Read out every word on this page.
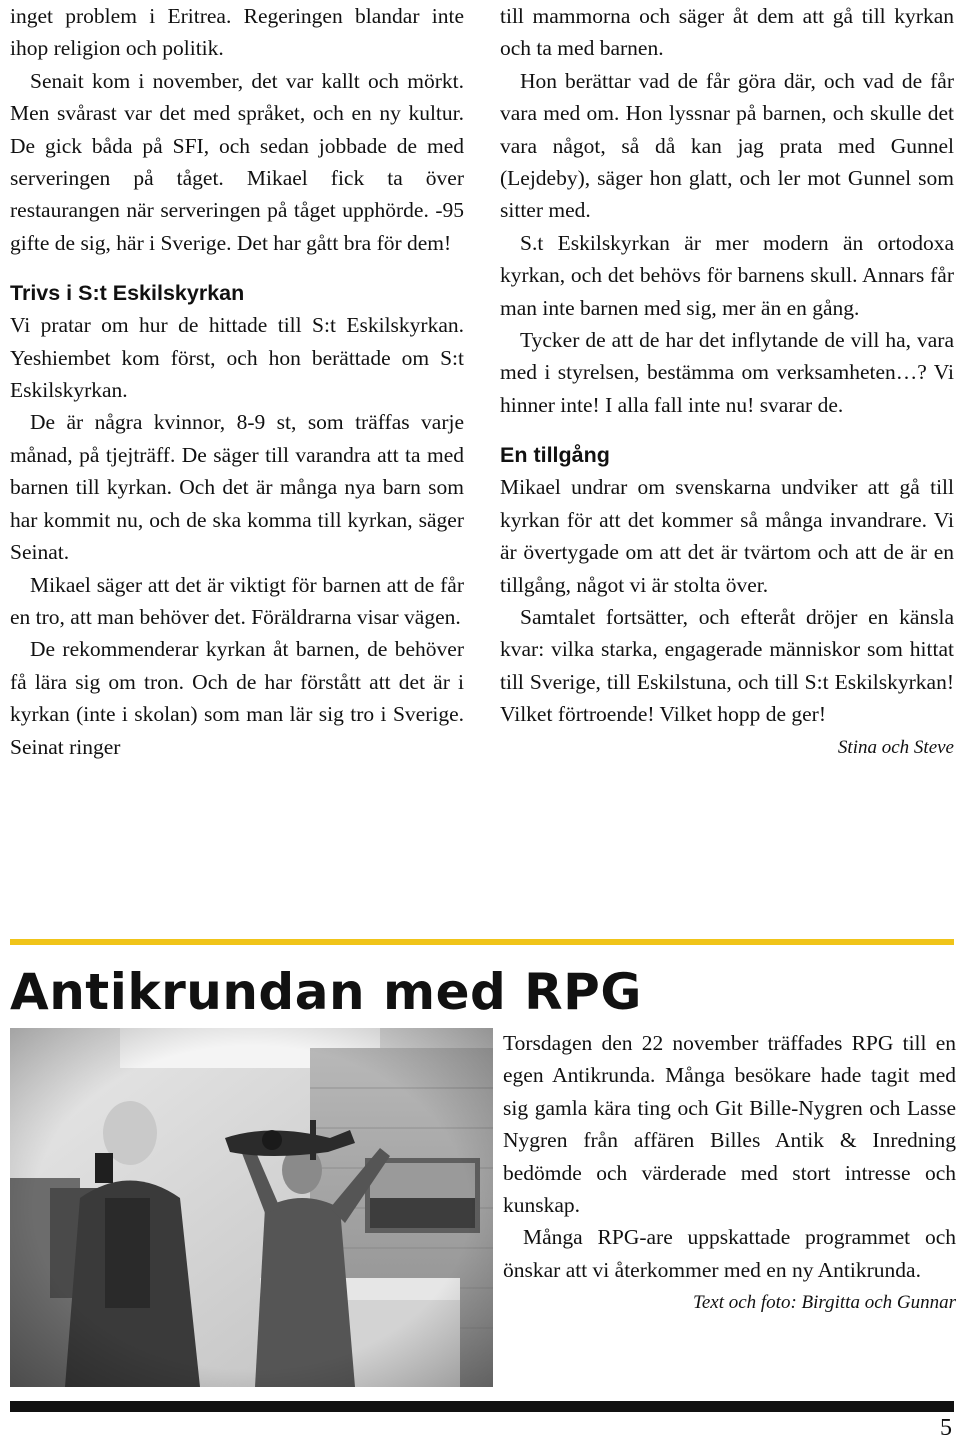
inget problem i Eritrea. Regeringen blandar inte ihop religion och politik.

Senait kom i november, det var kallt och mörkt. Men svårast var det med språket, och en ny kultur. De gick båda på SFI, och sedan jobbade de med serveringen på tåget. Mikael fick ta över restaurangen när serveringen på tåget upphörde. -95 gifte de sig, här i Sverige. Det har gått bra för dem!

Trivs i S:t Eskilskyrkan

Vi pratar om hur de hittade till S:t Eskilskyrkan. Yeshiembet kom först, och hon berättade om S:t Eskilskyrkan.

De är några kvinnor, 8-9 st, som träffas varje månad, på tjejträff. De säger till varandra att ta med barnen till kyrkan. Och det är många nya barn som har kommit nu, och de ska komma till kyrkan, säger Seinat.

Mikael säger att det är viktigt för barnen att de får en tro, att man behöver det. Föräldrarna visar vägen.

De rekommenderar kyrkan åt barnen, de behöver få lära sig om tron. Och de har förstått att det är i kyrkan (inte i skolan) som man lär sig tro i Sverige. Seinat ringer

till mammorna och säger åt dem att gå till kyrkan och ta med barnen.

Hon berättar vad de får göra där, och vad de får vara med om. Hon lyssnar på barnen, och skulle det vara något, så då kan jag prata med Gunnel (Lejdeby), säger hon glatt, och ler mot Gunnel som sitter med.

S.t Eskilskyrkan är mer modern än ortodoxa kyrkan, och det behövs för barnens skull. Annars får man inte barnen med sig, mer än en gång.

Tycker de att de har det inflytande de vill ha, vara med i styrelsen, bestämma om verksamheten…? Vi hinner inte! I alla fall inte nu! svarar de.

En tillgång

Mikael undrar om svenskarna undviker att gå till kyrkan för att det kommer så många invandrare. Vi är övertygade om att det är tvärtom och att de är en tillgång, något vi är stolta över.

Samtalet fortsätter, och efteråt dröjer en känsla kvar: vilka starka, engagerade människor som hittat till Sverige, till Eskilstuna, och till S:t Eskilskyrkan! Vilket förtroende! Vilket hopp de ger!

Stina och Steve

Antikrundan med RPG

Torsdagen den 22 november träffades RPG till en egen Antikrunda. Många besökare hade tagit med sig gamla kära ting och Git Bille-Nygren och Lasse Nygren från affären Billes Antik & Inredning bedömde och värderade med stort intresse och kunskap.

Många RPG-are uppskattade programmet och önskar att vi återkommer med en ny Antikrunda.

Text och foto: Birgitta och Gunnar

5
